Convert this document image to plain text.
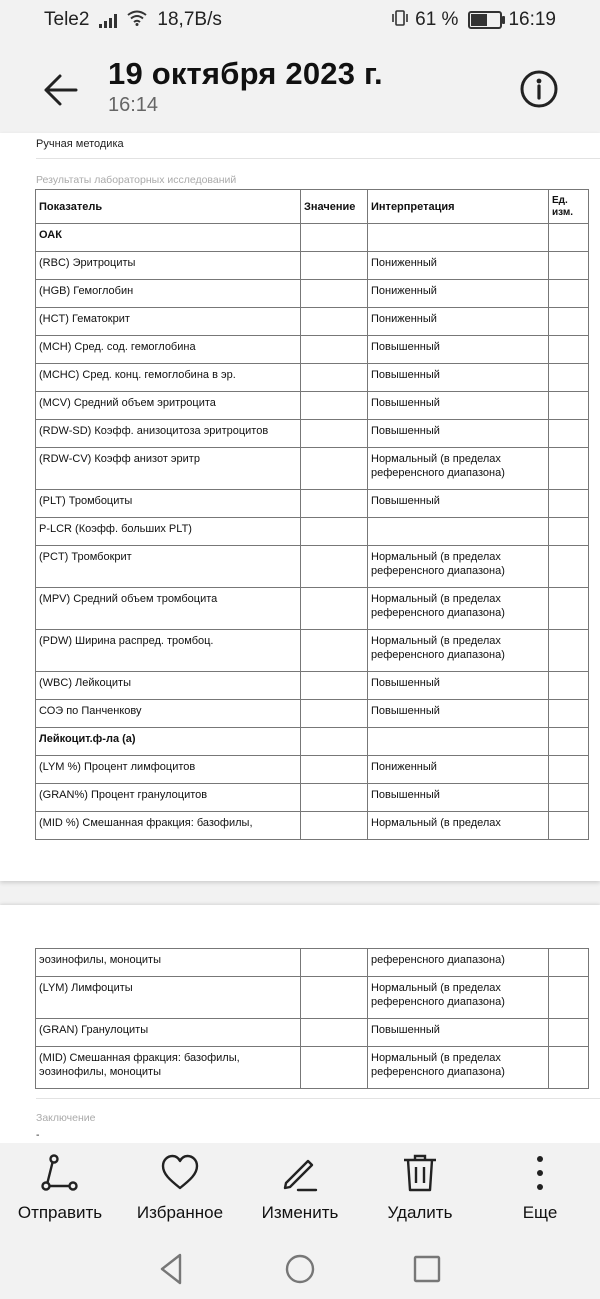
Tele2	18,7B/s	61 %	16:19
19 октября 2023 г.
16:14
Ручная методика
Результаты лабораторных исследований
Показатель	Значение	Интерпретация	Ед. изм.
ОАК			
(RBC) Эритроциты		Пониженный	
(HGB) Гемоглобин		Пониженный	
(HCT) Гематокрит		Пониженный	
(MCH) Сред. сод. гемоглобина		Повышенный	
(MCHC) Сред. конц. гемоглобина в эр.		Повышенный	
(MCV) Средний объем эритроцита		Повышенный	
(RDW-SD) Коэфф. анизоцитоза эритроцитов		Повышенный	
(RDW-CV) Коэфф анизот эритр		Нормальный (в пределах референсного диапазона)	
(PLT) Тромбоциты		Повышенный	
P-LCR (Коэфф. больших PLT)			
(PCT) Тромбокрит		Нормальный (в пределах референсного диапазона)	
(MPV) Средний объем тромбоцита		Нормальный (в пределах референсного диапазона)	
(PDW) Ширина распред. тромбоц.		Нормальный (в пределах референсного диапазона)	
(WBC) Лейкоциты		Повышенный	
СОЭ по Панченкову		Повышенный	
Лейкоцит.ф-ла (а)			
(LYM %) Процент лимфоцитов		Пониженный	
(GRAN%) Процент гранулоцитов		Повышенный	
(MID %) Смешанная фракция: базофилы,		Нормальный (в пределах	
эозинофилы, моноциты		референсного диапазона)	
(LYM) Лимфоциты		Нормальный (в пределах референсного диапазона)	
(GRAN) Гранулоциты		Повышенный	
(MID) Смешанная фракция: базофилы, эозинофилы, моноциты		Нормальный (в пределах референсного диапазона)	
Заключение
-
Отправить	Избранное	Изменить	Удалить	Еще
